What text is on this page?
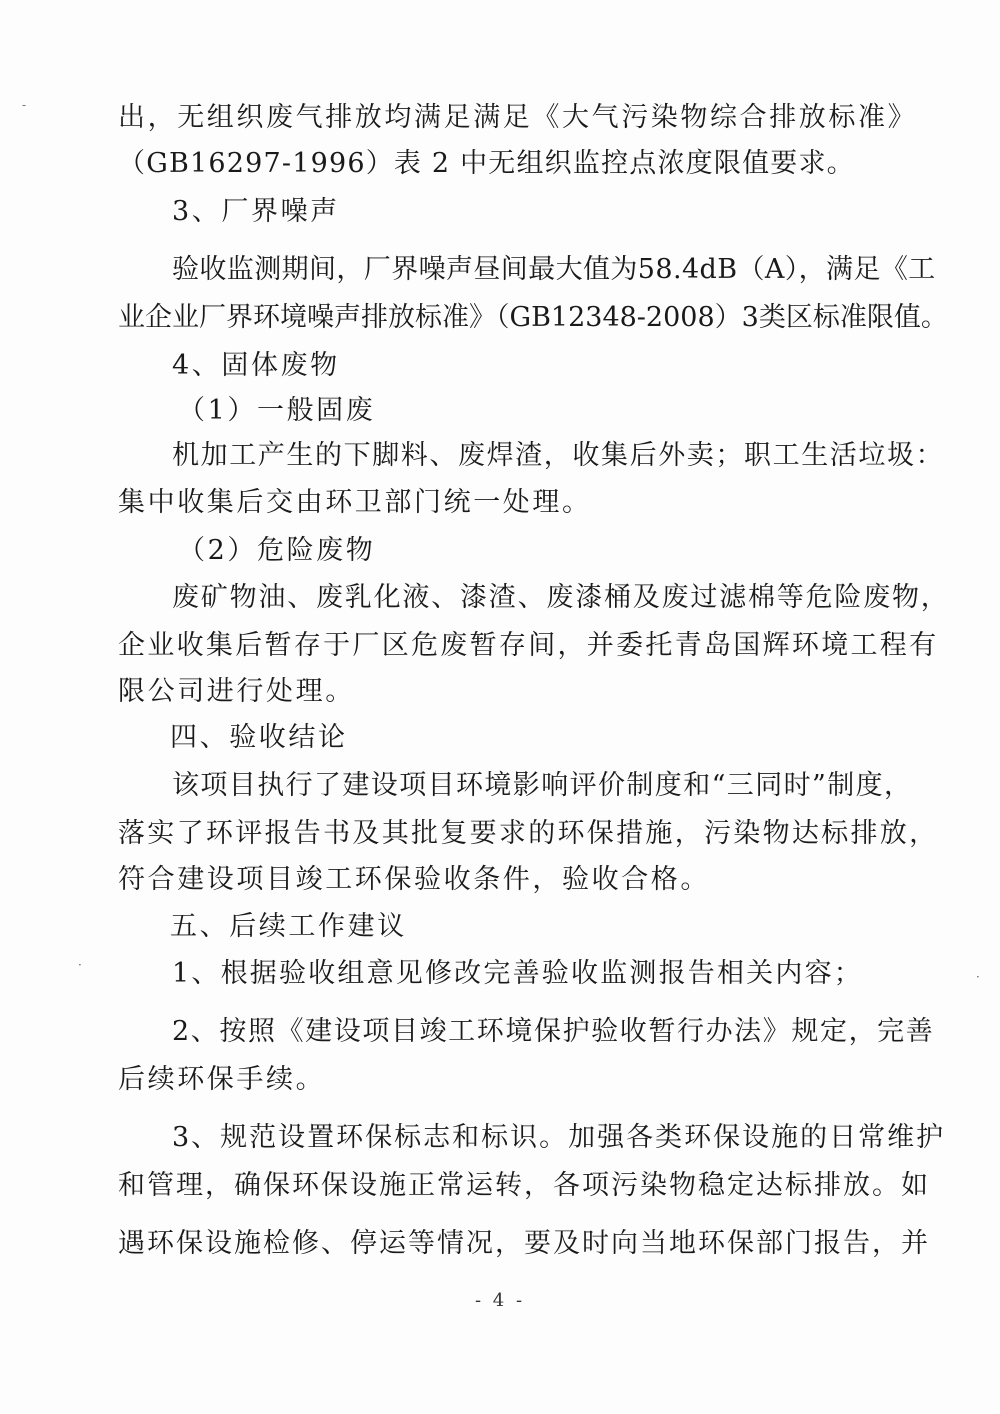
出，无组织废气排放均满足满足《大气污染物综合排放标准》
（GB16297-1996）表 2 中无组织监控点浓度限值要求。
3、厂界噪声
验收监测期间，厂界噪声昼间最大值为58.4dB（A），满足《工
业企业厂界环境噪声排放标准》（GB12348-2008）3类区标准限值。
4、固体废物
（1）一般固废
机加工产生的下脚料、废焊渣，收集后外卖；职工生活垃圾：
集中收集后交由环卫部门统一处理。
（2）危险废物
废矿物油、废乳化液、漆渣、废漆桶及废过滤棉等危险废物，
企业收集后暂存于厂区危废暂存间，并委托青岛国辉环境工程有
限公司进行处理。
四、验收结论
该项目执行了建设项目环境影响评价制度和“三同时”制度，
落实了环评报告书及其批复要求的环保措施，污染物达标排放，
符合建设项目竣工环保验收条件，验收合格。
五、后续工作建议
1、根据验收组意见修改完善验收监测报告相关内容；
2、按照《建设项目竣工环境保护验收暂行办法》规定，完善
后续环保手续。
3、规范设置环保标志和标识。加强各类环保设施的日常维护
和管理，确保环保设施正常运转，各项污染物稳定达标排放。如
遇环保设施检修、停运等情况，要及时向当地环保部门报告，并
- 4 -
-
·
·
